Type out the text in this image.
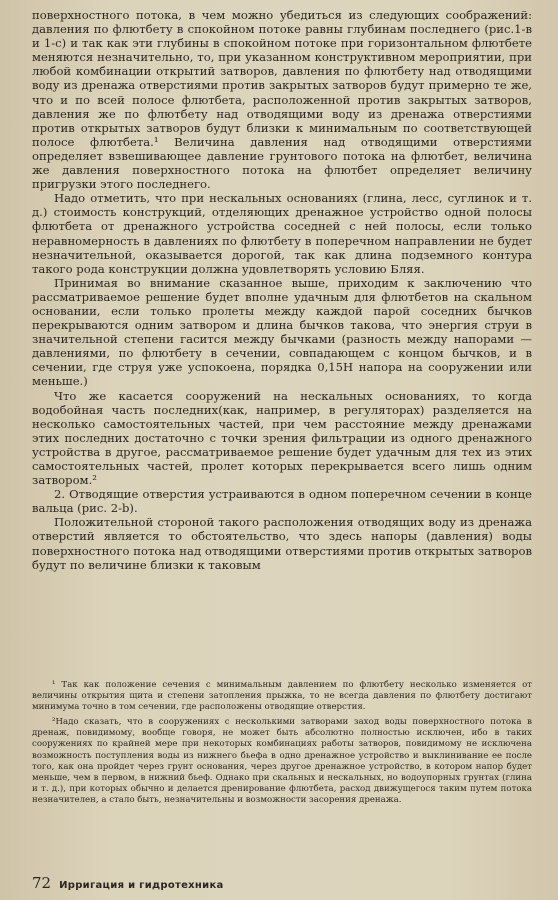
поверхностного потока, в чем можно убедиться из следующих соображений: давления по флютбету в спокойном потоке равны глубинам последнего (рис.1-в и 1-с) и так как эти глубины в спокойном потоке при горизонтальном флютбете меняются незначительно, то, при указанном конструктивном мероприятии, при любой комбинации открытий затворов, давления по флютбету над отводящими воду из дренажа отверстиями против закрытых затворов будут примерно те же, что и по всей полосе флютбета, расположенной против закрытых затворов, давления же по флютбету над отводящими воду из дренажа отверстиями против открытых затворов будут близки к минимальным по соответствующей полосе флютбета.¹ Величина давления над отводящими отверстиями определяет взвешивающее давление грунтового потока на флютбет, величина же давления поверхностного потока на флютбет определяет величину пригрузки этого последнего.

Надо отметить, что при нескальных основаниях (глина, лесс, суглинок и т. д.) стоимость конструкций, отделяющих дренажное устройство одной полосы флютбета от дренажного устройства соседней с ней полосы, если только неравномерность в давлениях по флютбету в поперечном направлении не будет незначительной, оказывается дорогой, так как длина подземного контура такого рода конструкции должна удовлетворять условию Бляя.

Принимая во внимание сказанное выше, приходим к заключению что рассматриваемое решение будет вполне удачным для флютбетов на скальном основании, если только пролеты между каждой парой соседних бычков перекрываются одним затвором и длина бычков такова, что энергия струи в значительной степени гасится между бычками (разность между напорами — давлениями, по флютбету в сечении, совпадающем с концом бычков, и в сечении, где струя уже успокоена, порядка 0,15Н напора на сооружении или меньше.)

Что же касается сооружений на нескальных основаниях, то когда водобойная часть последних(как, например, в регуляторах) разделяется на несколько самостоятельных частей, при чем расстояние между дренажами этих последних достаточно с точки зрения фильтрации из одного дренажного устройства в другое, рассматриваемое решение будет удачным для тех из этих самостоятельных частей, пролет которых перекрывается всего лишь одним затвором.²

2. Отводящие отверстия устраиваются в одном поперечном сечении в конце вальца (рис. 2-b).

Положительной стороной такого расположения отводящих воду из дренажа отверстий является то обстоятельство, что здесь напоры (давления) воды поверхностного потока над отводящими отверстиями против открытых затворов будут по величине близки к таковым

¹ Так как положение сечения с минимальным давлением по флютбету несколько изменяется от величины открытия щита и степени затопления прыжка, то не всегда давления по флютбету достигают минимума точно в том сечении, где расположены отводящие отверстия.

²Надо сказать, что в сооружениях с несколькими затворами заход воды поверхностного потока в дренаж, повидимому, вообще говоря, не может быть абсолютно полностью исключен, ибо в таких сооружениях по крайней мере при некоторых комбинациях работы затворов, повидимому не исключена возможность поступления воды из нижнего бьефа в одно дренажное устройство и выклинивание ее после того, как она пройдет через грунт основания, через другое дренажное устройство, в котором напор будет меньше, чем в первом, в нижний бьеф. Однако при скальных и нескальных, но водоупорных грунтах (глина и т. д.), при которых обычно и делается дренирование флютбета, расход движущегося таким путем потока незначителен, а стало быть, незначительны и возможности засорения дренажа.

72 Ирригация и гидротехника
